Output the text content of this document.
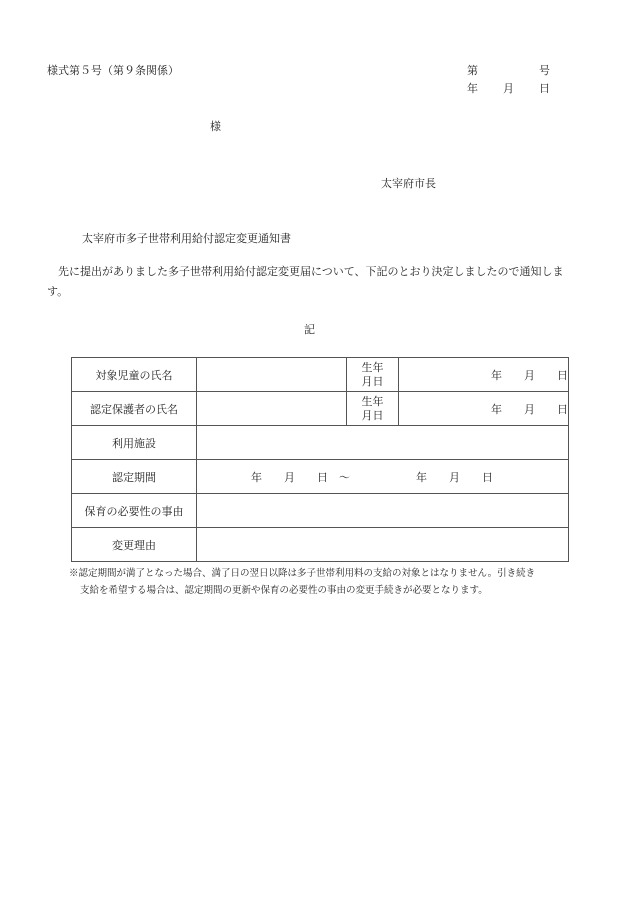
様式第５号（第９条関係）	第	号
年 月 日
様
太宰府市長
太宰府市多子世帯利用給付認定変更通知書
先に提出がありました多子世帯利用給付認定変更届について、下記のとおり決定しましたので通知します。
記
対象児童の氏名		生年
月日	年　　 月　　 日
認定保護者の氏名		生年
月日	年　　 月　　 日
利用施設			
認定期間	年　　 月　　 日　 ～　　　　　　 年　　 月　　 日		
保育の必要性の事由			
変更理由			
※認定期間が満了となった場合、満了日の翌日以降は多子世帯利用料の支給の対象とはなりません。引き続き
支給を希望する場合は、認定期間の更新や保育の必要性の事由の変更手続きが必要となります。
